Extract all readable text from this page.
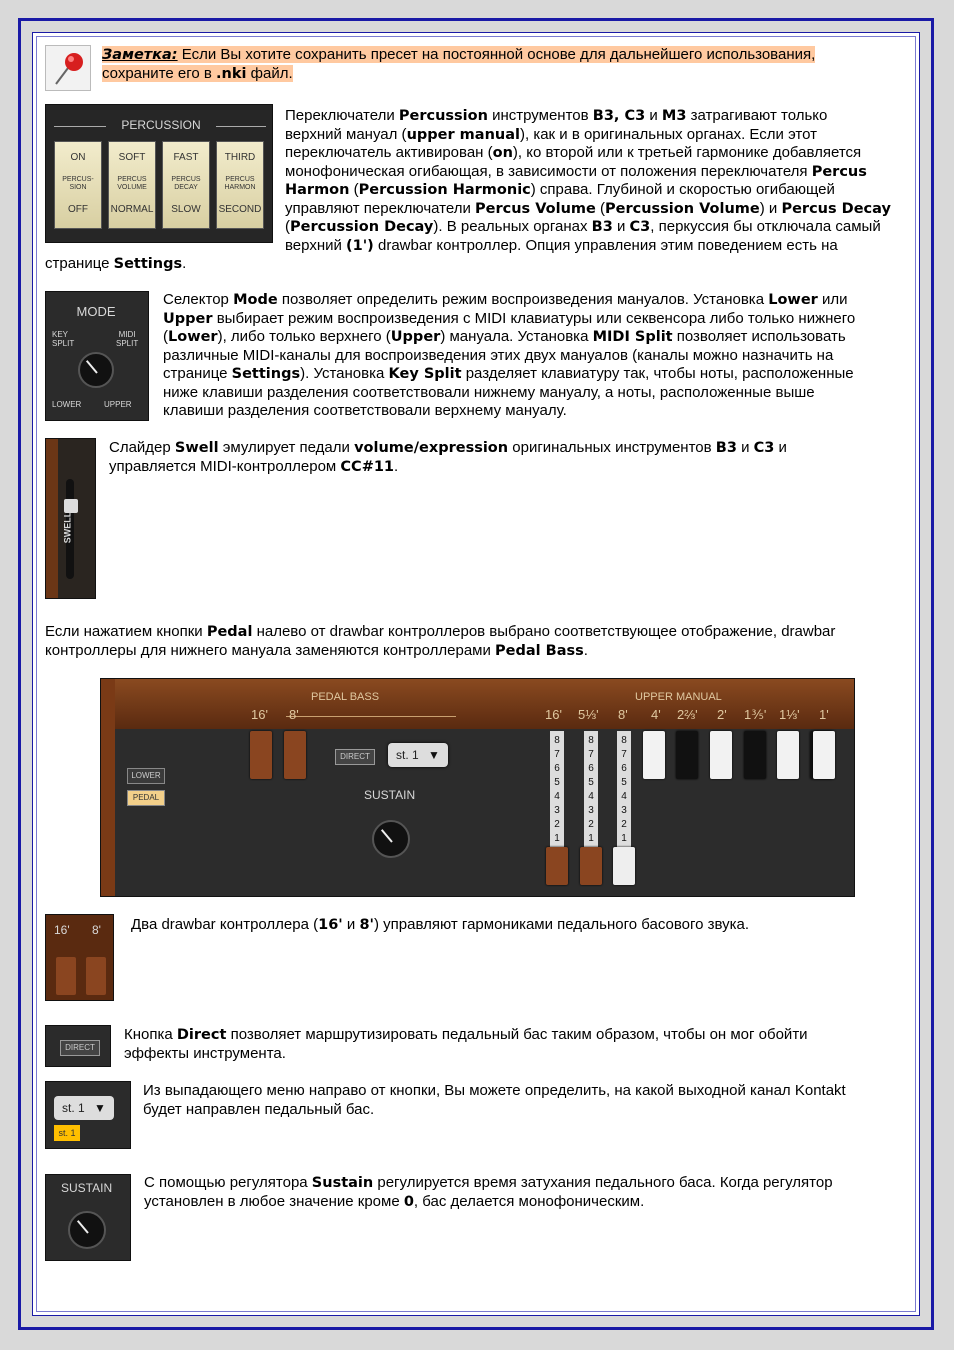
Заметка: Если Вы хотите сохранить пресет на постоянной основе для дальнейшего использования,
сохраните его в .nki файл.
PERCUSSION
ON
PERCUS-
SION
OFF
SOFT
PERCUS
VOLUME
NORMAL
FAST
PERCUS
DECAY
SLOW
THIRD
PERCUS
HARMON
SECOND
Переключатели Percussion инструментов B3, C3 и M3 затрагивают только
верхний мануал (upper manual), как и в оригинальных органах. Если этот
переключатель активирован (on), ко второй или к третьей гармонике добавляется
монофоническая огибающая, в зависимости от положения переключателя Percus
Harmon (Percussion Harmonic) справа. Глубиной и скоростью огибающей
управляют переключатели Percus Volume (Percussion Volume) и Percus Decay
(Percussion Decay). В реальных органах B3 и C3, перкуссия бы отключала самый
верхний (1') drawbar контроллер. Опция управления этим поведением есть на
странице Settings.
MODE
KEY
SPLIT
MIDI
SPLIT
LOWER	UPPER
Селектор Mode позволяет определить режим воспроизведения мануалов. Установка Lower или
Upper выбирает режим воспроизведения с MIDI клавиатуры или секвенсора либо только нижнего
(Lower), либо только верхнего (Upper) мануала. Установка MIDI Split позволяет использовать
различные MIDI-каналы для воспроизведения этих двух мануалов (каналы можно назначить на
странице Settings). Установка Key Split разделяет клавиатуру так, чтобы ноты, расположенные
ниже клавиши разделения соответствовали нижнему мануалу, а ноты, расположенные выше
клавиши разделения соответствовали верхнему мануалу.
SWELL
Слайдер Swell эмулирует педали volume/expression оригинальных инструментов B3 и C3 и
управляется MIDI-контроллером CC#11.
Если нажатием кнопки Pedal налево от drawbar контроллеров выбрано соответствующее отображение, drawbar
контроллеры для нижнего мануала заменяются контроллерами Pedal Bass.
PEDAL BASS	UPPER MANUAL
16' 8'	16' 5⅓' 8' 4' 2⅔' 2' 1⅗' 1⅓' 1'
LOWER
PEDAL
DIRECT	st. 1 ▼
SUSTAIN
8
7
6
5
4
3
2
1
8
7
6
5
4
3
2
1
8
7
6
5
4
3
2
1
16' 8' Два drawbar контроллера (16' и 8') управляют гармониками педального басового звука.
DIRECT
Кнопка Direct позволяет маршрутизировать педальный бас таким образом, чтобы он мог обойти
эффекты инструмента.
st. 1 ▼
st. 1
Из выпадающего меню направо от кнопки, Вы можете определить, на какой выходной канал Kontakt
будет направлен педальный бас.
SUSTAIN С помощью регулятора Sustain регулируется время затухания педального баса. Когда регулятор
установлен в любое значение кроме 0, бас делается монофоническим.
